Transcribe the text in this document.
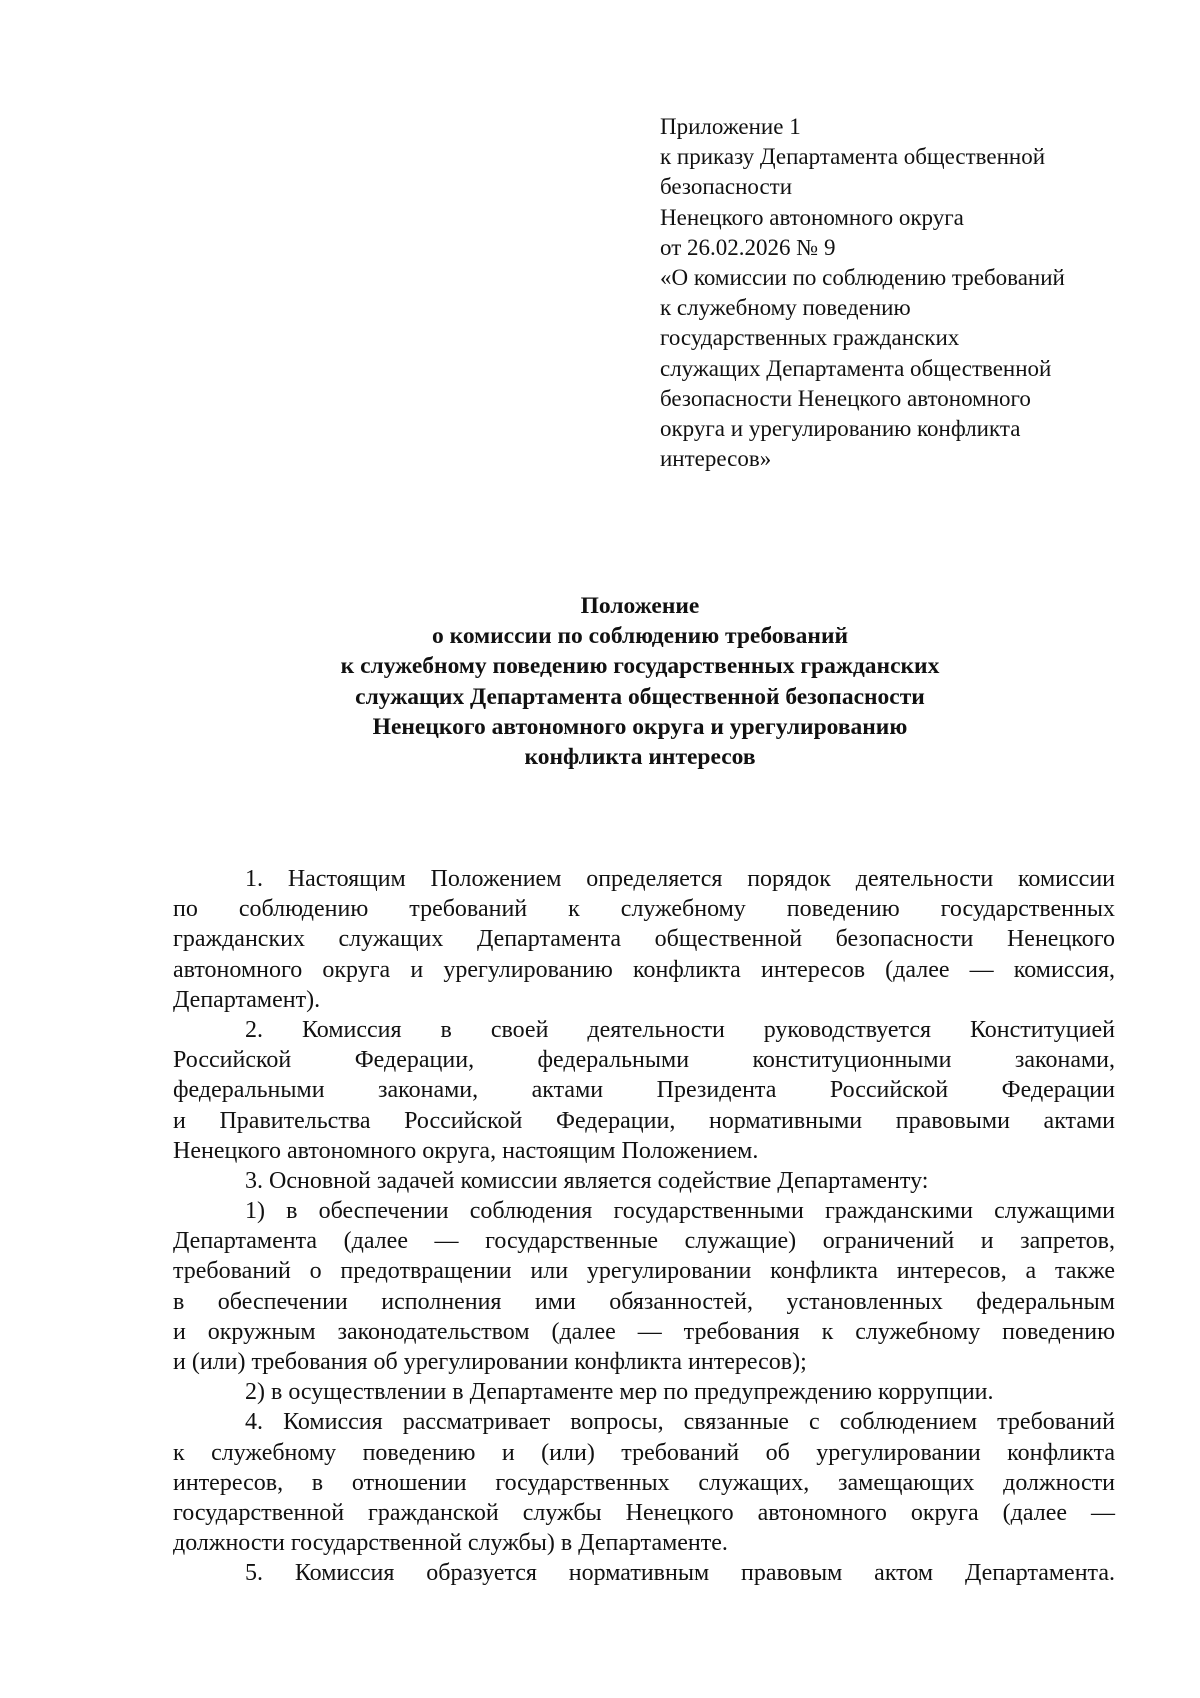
Приложение 1
к приказу Департамента общественной
безопасности
Ненецкого автономного округа
от 26.02.2026 № 9
«О комиссии по соблюдению требований
к служебному поведению
государственных гражданских
служащих Департамента общественной
безопасности Ненецкого автономного
округа и урегулированию конфликта
интересов»
Положение
о комиссии по соблюдению требований
к служебному поведению государственных гражданских
служащих Департамента общественной безопасности
Ненецкого автономного округа и урегулированию
конфликта интересов
1. Настоящим Положением определяется порядок деятельности комиссии
по соблюдению требований к служебному поведению государственных
гражданских служащих Департамента общественной безопасности Ненецкого
автономного округа и урегулированию конфликта интересов (далее — комиссия,
Департамент).
2. Комиссия в своей деятельности руководствуется Конституцией
Российской Федерации, федеральными конституционными законами,
федеральными законами, актами Президента Российской Федерации
и Правительства Российской Федерации, нормативными правовыми актами
Ненецкого автономного округа, настоящим Положением.
3. Основной задачей комиссии является содействие Департаменту:
1) в обеспечении соблюдения государственными гражданскими служащими
Департамента (далее — государственные служащие) ограничений и запретов,
требований о предотвращении или урегулировании конфликта интересов, а также
в обеспечении исполнения ими обязанностей, установленных федеральным
и окружным законодательством (далее — требования к служебному поведению
и (или) требования об урегулировании конфликта интересов);
2) в осуществлении в Департаменте мер по предупреждению коррупции.
4. Комиссия рассматривает вопросы, связанные с соблюдением требований
к служебному поведению и (или) требований об урегулировании конфликта
интересов, в отношении государственных служащих, замещающих должности
государственной гражданской службы Ненецкого автономного округа (далее —
должности государственной службы) в Департаменте.
5. Комиссия образуется нормативным правовым актом Департамента.
